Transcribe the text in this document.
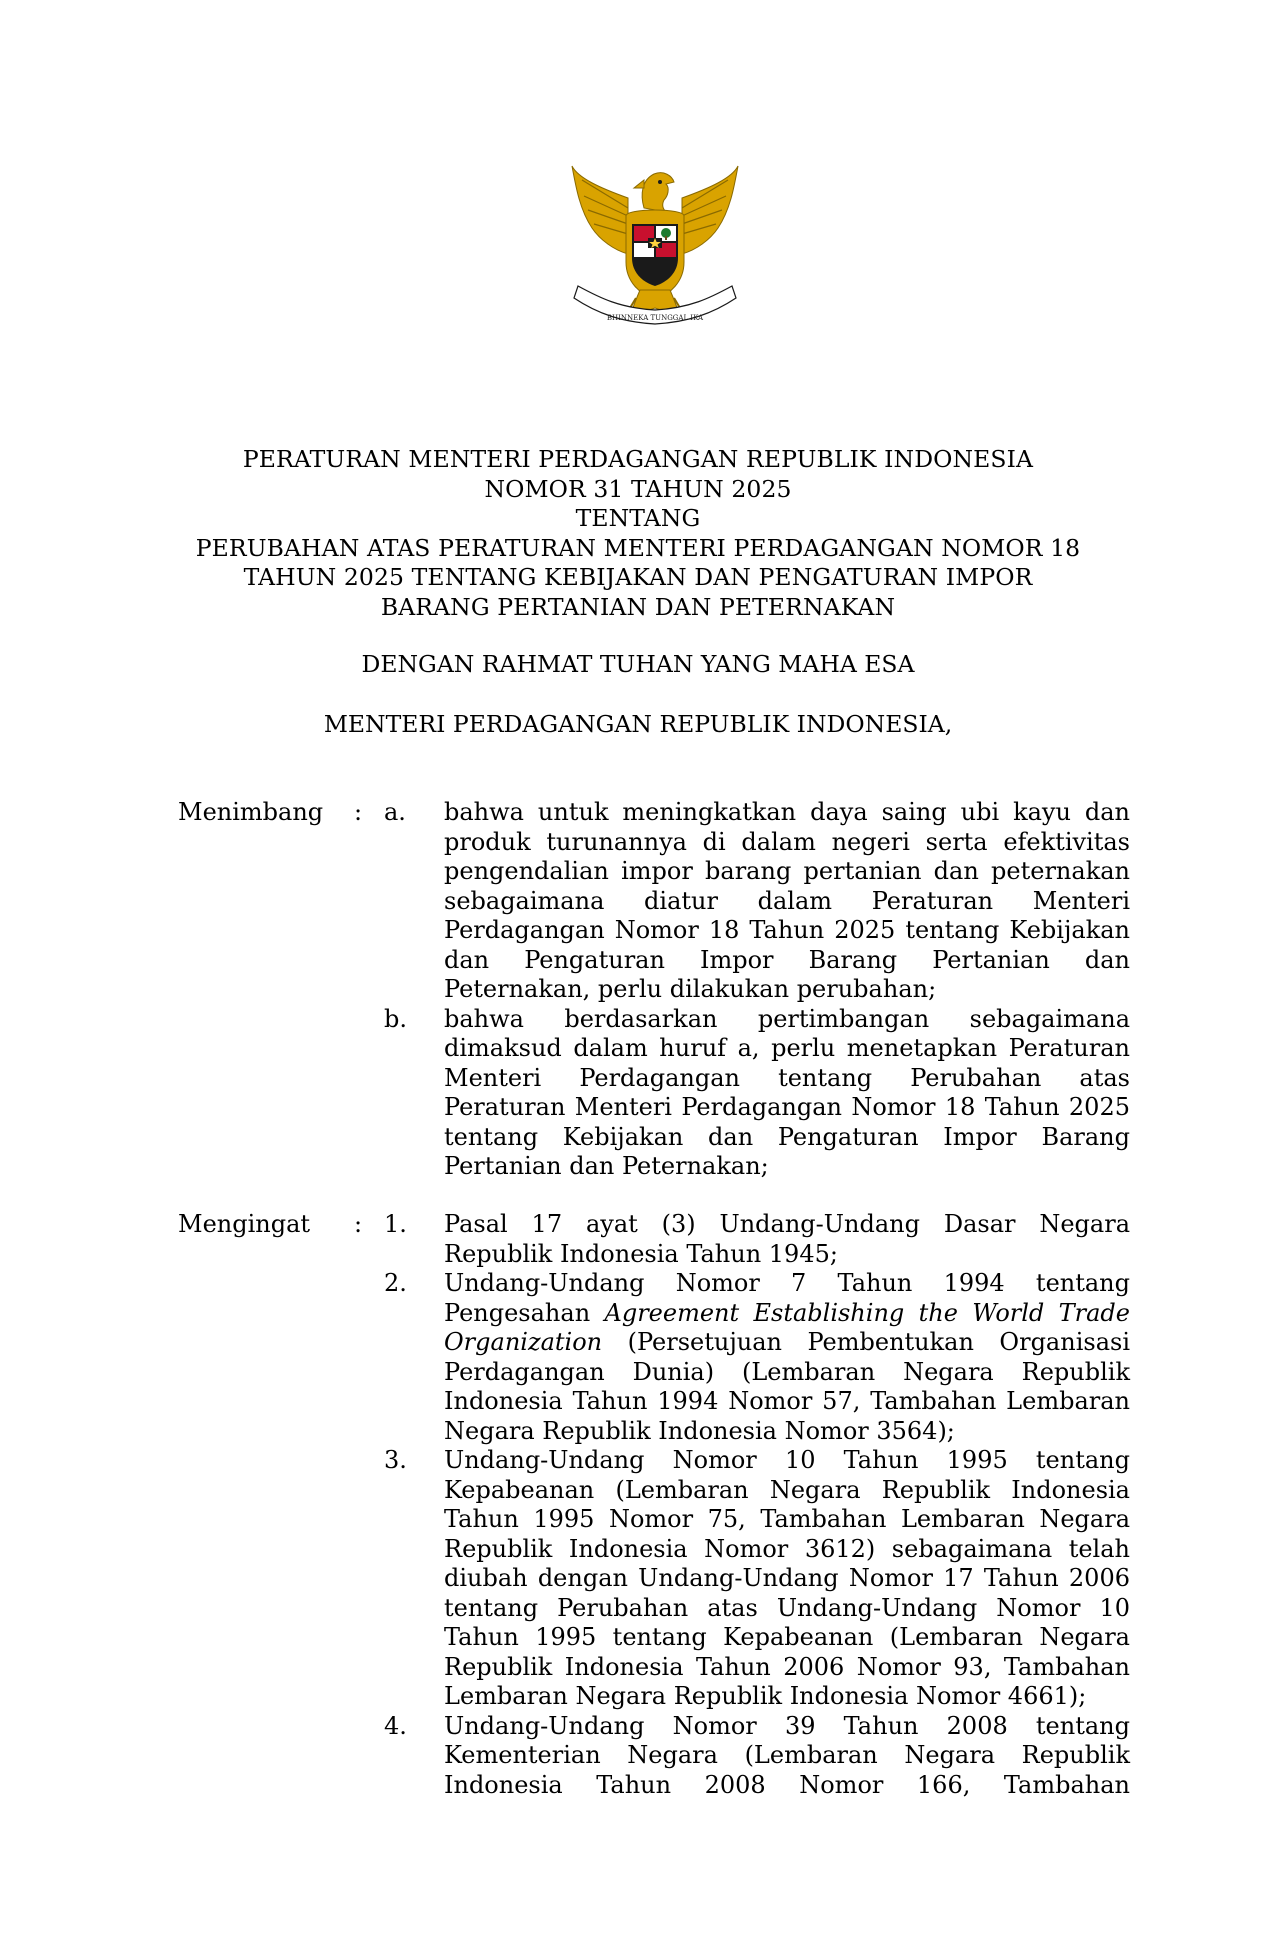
BHINNEKA TUNGGAL IKA
PERATURAN MENTERI PERDAGANGAN REPUBLIK INDONESIA
NOMOR 31 TAHUN 2025
TENTANG
PERUBAHAN ATAS PERATURAN MENTERI PERDAGANGAN NOMOR 18
TAHUN 2025 TENTANG KEBIJAKAN DAN PENGATURAN IMPOR
BARANG PERTANIAN DAN PETERNAKAN
DENGAN RAHMAT TUHAN YANG MAHA ESA
MENTERI PERDAGANGAN REPUBLIK INDONESIA,
Menimbang : a. bahwa untuk meningkatkan daya saing ubi kayu dan produk turunannya di dalam negeri serta efektivitas pengendalian impor barang pertanian dan peternakan sebagaimana diatur dalam Peraturan Menteri Perdagangan Nomor 18 Tahun 2025 tentang Kebijakan dan Pengaturan Impor Barang Pertanian dan Peternakan, perlu dilakukan perubahan;
b. bahwa berdasarkan pertimbangan sebagaimana dimaksud dalam huruf a, perlu menetapkan Peraturan Menteri Perdagangan tentang Perubahan atas Peraturan Menteri Perdagangan Nomor 18 Tahun 2025 tentang Kebijakan dan Pengaturan Impor Barang Pertanian dan Peternakan;
Mengingat : 1. Pasal 17 ayat (3) Undang-Undang Dasar Negara Republik Indonesia Tahun 1945;
2. Undang-Undang Nomor 7 Tahun 1994 tentang Pengesahan Agreement Establishing the World Trade Organization (Persetujuan Pembentukan Organisasi Perdagangan Dunia) (Lembaran Negara Republik Indonesia Tahun 1994 Nomor 57, Tambahan Lembaran Negara Republik Indonesia Nomor 3564);
3. Undang-Undang Nomor 10 Tahun 1995 tentang Kepabeanan (Lembaran Negara Republik Indonesia Tahun 1995 Nomor 75, Tambahan Lembaran Negara Republik Indonesia Nomor 3612) sebagaimana telah diubah dengan Undang-Undang Nomor 17 Tahun 2006 tentang Perubahan atas Undang-Undang Nomor 10 Tahun 1995 tentang Kepabeanan (Lembaran Negara Republik Indonesia Tahun 2006 Nomor 93, Tambahan Lembaran Negara Republik Indonesia Nomor 4661);
4. Undang-Undang Nomor 39 Tahun 2008 tentang Kementerian Negara (Lembaran Negara Republik Indonesia Tahun 2008 Nomor 166, Tambahan
